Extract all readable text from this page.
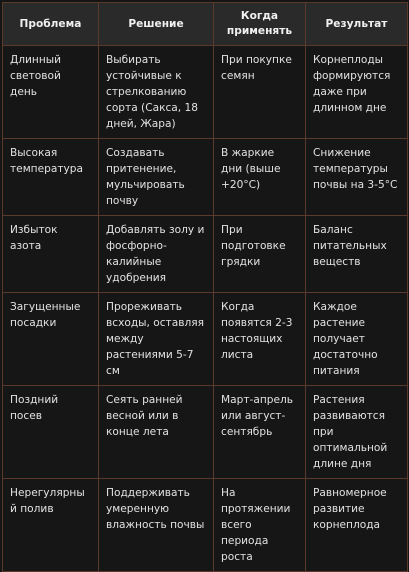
Проблема	Решение	Когда применять	Результат
Длинный световой день	Выбирать устойчивые к стрелкованию сорта (Сакса, 18 дней, Жара)	При покупке семян	Корнеплоды формируются даже при длинном дне
Высокая температура	Создавать притенение, мульчировать почву	В жаркие дни (выше +20°C)	Снижение температуры почвы на 3-5°C
Избыток азота	Добавлять золу и фосфорно-калийные удобрения	При подготовке грядки	Баланс питательных веществ
Загущенные посадки	Прореживать всходы, оставляя между растениями 5-7 см	Когда появятся 2-3 настоящих листа	Каждое растение получает достаточно питания
Поздний посев	Сеять ранней весной или в конце лета	Март-апрель или август-сентябрь	Растения развиваются при оптимальной длине дня
Нерегулярный полив	Поддерживать умеренную влажность почвы	На протяжении всего периода роста	Равномерное развитие корнеплода
